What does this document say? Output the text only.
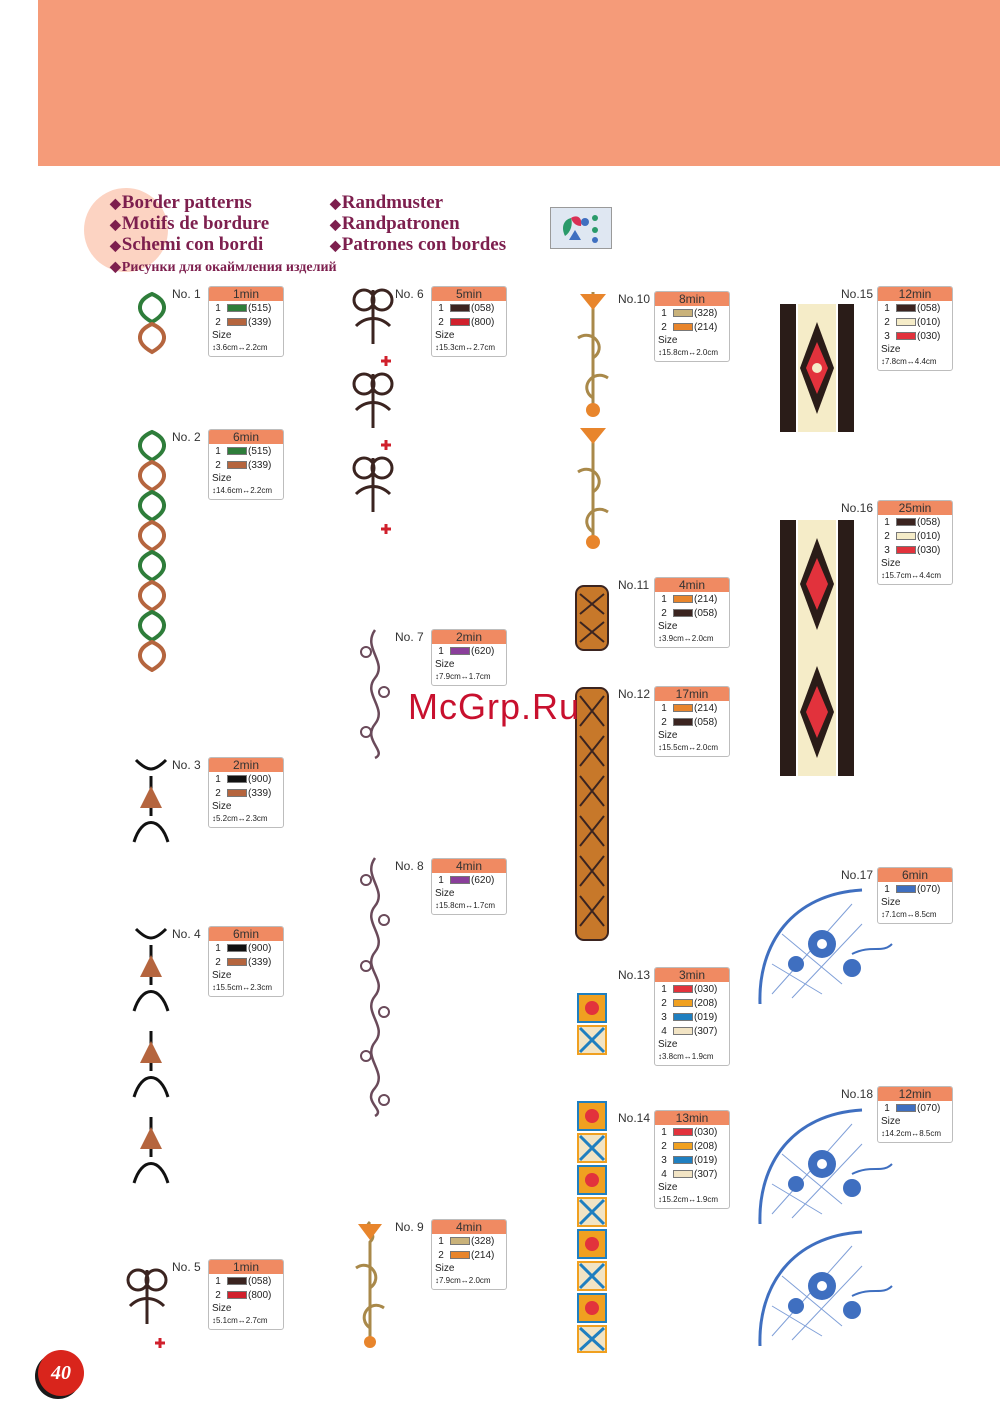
◆ Border patterns
◆ Motifs de bordure
◆ Schemi con bordi
◆ Рисунки для окаймления изделий
◆ Randmuster
◆ Randpatronen
◆ Patrones con bordes
No. 1	1min
1	(515)
2	(339)
Size
↕3.6cm↔2.2cm
No. 2	6min
1	(515)
2	(339)
Size
↕14.6cm↔2.2cm
No. 3	2min
1	(900)
2	(339)
Size
↕5.2cm↔2.3cm
No. 4	6min
1	(900)
2	(339)
Size
↕15.5cm↔2.3cm
No. 5	1min
1	(058)
2	(800)
Size
↕5.1cm↔2.7cm
No. 6	5min
1	(058)
2	(800)
Size
↕15.3cm↔2.7cm
No. 7	2min
1	(620)
Size
↕7.9cm↔1.7cm
No. 8	4min
1	(620)
Size
↕15.8cm↔1.7cm
No. 9	4min
1	(328)
2	(214)
Size
↕7.9cm↔2.0cm
No.10	8min
1	(328)
2	(214)
Size
↕15.8cm↔2.0cm
No.11	4min
1	(214)
2	(058)
Size
↕3.9cm↔2.0cm
No.12	17min
1	(214)
2	(058)
Size
↕15.5cm↔2.0cm
No.13	3min
1	(030)
2	(208)
3	(019)
4	(307)
Size
↕3.8cm↔1.9cm
No.14	13min
1	(030)
2	(208)
3	(019)
4	(307)
Size
↕15.2cm↔1.9cm
No.15	12min
1	(058)
2	(010)
3	(030)
Size
↕7.8cm↔4.4cm
No.16	25min
1	(058)
2	(010)
3	(030)
Size
↕15.7cm↔4.4cm
No.17	6min
1	(070)
Size
↕7.1cm↔8.5cm
No.18	12min
1	(070)
Size
↕14.2cm↔8.5cm
McGrp.Ru
40
